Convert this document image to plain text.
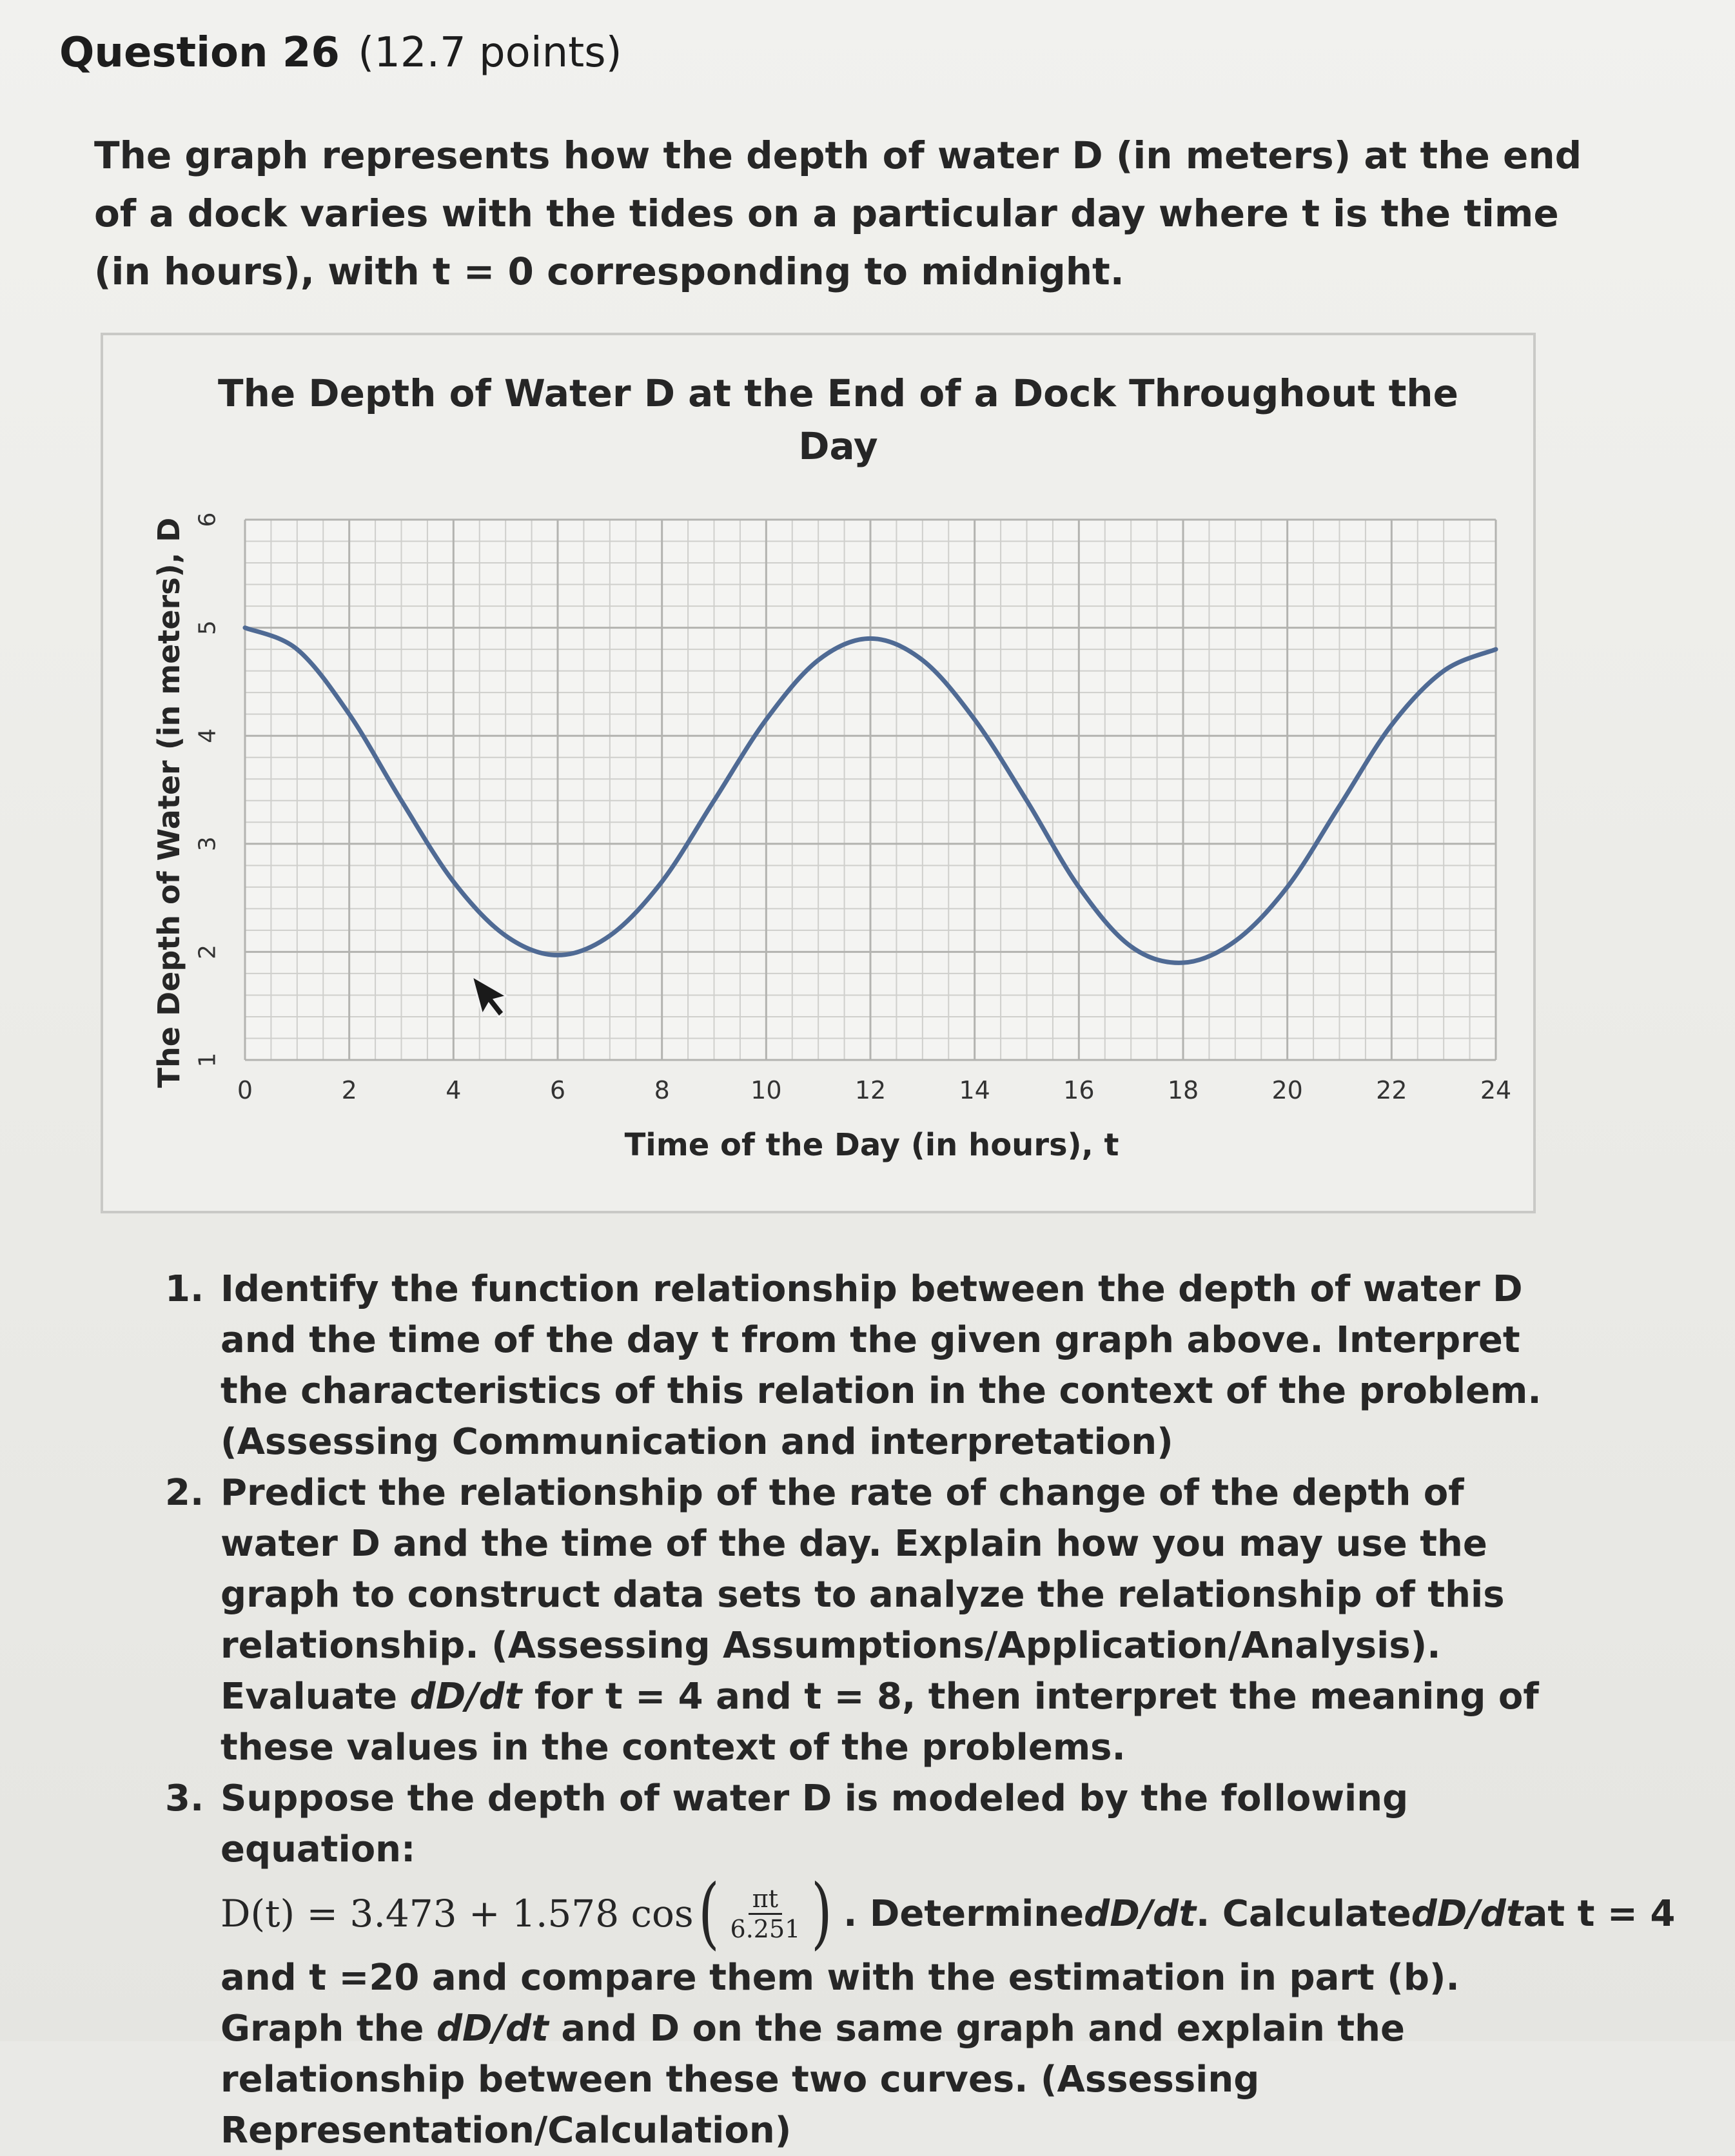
Question 26 (12.7 points)
The graph represents how the depth of water D (in meters) at the end of a dock varies with the tides on a particular day where t is the time (in hours), with t = 0 corresponding to midnight.
The Depth of Water D at the End of a Dock Throughout the
Day
0	2	4	6	8	10	12	14	16	18	20	22	24
1
2
3
4
5
6
Time of the Day (in hours), t
The Depth of Water (in meters), D
1. Identify the function relationship between the depth of water D and the time of the day t from the given graph above. Interpret the characteristics of this relation in the context of the problem. (Assessing Communication and interpretation)
2. Predict the relationship of the rate of change of the depth of water D and the time of the day. Explain how you may use the graph to construct data sets to analyze the relationship of this relationship. (Assessing Assumptions/Application/Analysis). Evaluate dD/dt for t = 4 and t = 8, then interpret the meaning of these values in the context of the problems.
3. Suppose the depth of water D is modeled by the following equation:
D(t) = 3.473 + 1.578 cos ( $\frac{\pi t}{6.251}$ ) . Determine dD/dt . Calculate dD/dt at t = 4
and t =20 and compare them with the estimation in part (b). Graph the dD/dt and D on the same graph and explain the relationship between these two curves. (Assessing Representation/Calculation)
